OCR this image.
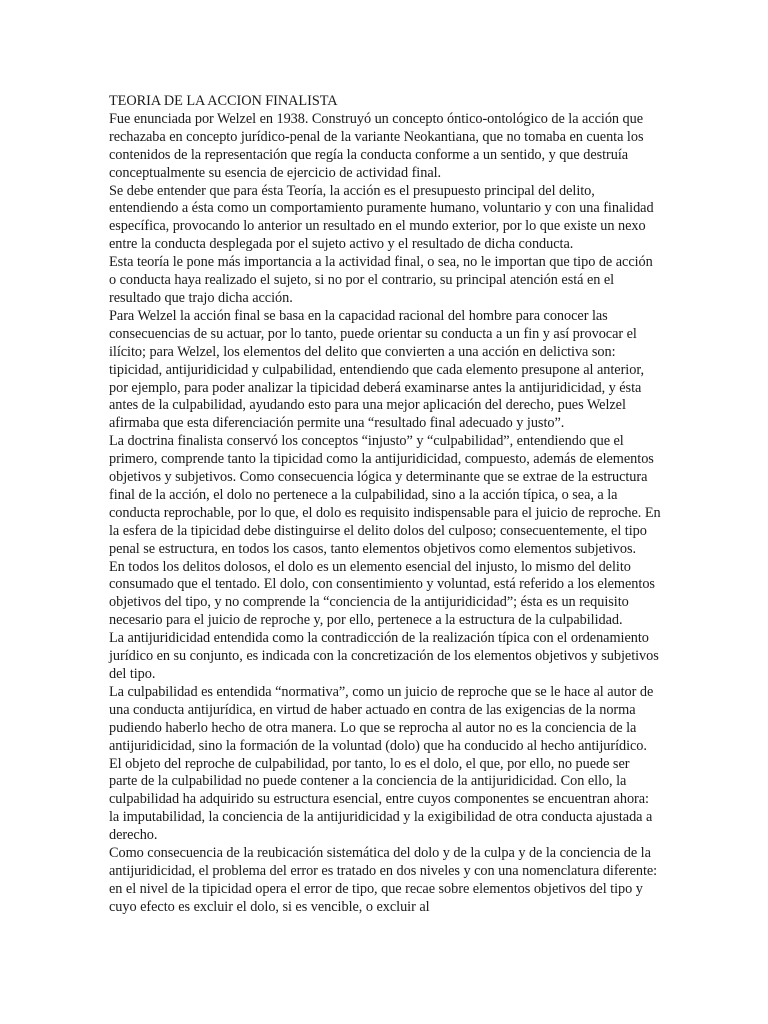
TEORIA DE LA ACCION FINALISTA

Fue enunciada por Welzel en 1938. Construyó un concepto óntico-ontológico de la acción que rechazaba en concepto jurídico-penal de la variante Neokantiana, que no tomaba en cuenta los contenidos de la representación que regía la conducta conforme a un sentido, y que destruía conceptualmente su esencia de ejercicio de actividad final.

Se debe entender que para ésta Teoría, la acción es el presupuesto principal del delito, entendiendo a ésta como un comportamiento puramente humano, voluntario y con una finalidad específica, provocando lo anterior un resultado en el mundo exterior, por lo que existe un nexo entre la conducta desplegada por el sujeto activo y el resultado de dicha conducta.

Esta teoría le pone más importancia a la actividad final, o sea, no le importan que tipo de acción o conducta haya realizado el sujeto, si no por el contrario, su principal atención está en el resultado que trajo dicha acción.

Para Welzel la acción final se basa en la capacidad racional del hombre para conocer las consecuencias de su actuar, por lo tanto, puede orientar su conducta a un fin y así provocar el ilícito; para Welzel, los elementos del delito que convierten a una acción en delictiva son: tipicidad, antijuridicidad y culpabilidad, entendiendo que cada elemento presupone al anterior, por ejemplo, para poder analizar la tipicidad deberá examinarse antes la antijuridicidad, y ésta antes de la culpabilidad, ayudando esto para una mejor aplicación del derecho, pues Welzel afirmaba que esta diferenciación permite una “resultado final adecuado y justo”.

La doctrina finalista conservó los conceptos “injusto” y “culpabilidad”, entendiendo que el primero, comprende tanto la tipicidad como la antijuridicidad, compuesto, además de elementos objetivos y subjetivos. Como consecuencia lógica y determinante que se extrae de la estructura final de la acción, el dolo no pertenece a la culpabilidad, sino a la acción típica, o sea, a la conducta reprochable, por lo que, el dolo es requisito indispensable para el juicio de reproche. En la esfera de la tipicidad debe distinguirse el delito dolos del culposo; consecuentemente, el tipo penal se estructura, en todos los casos, tanto elementos objetivos como elementos subjetivos.

En todos los delitos dolosos, el dolo es un elemento esencial del injusto, lo mismo del delito consumado que el tentado. El dolo, con consentimiento y voluntad, está referido a los elementos objetivos del tipo, y no comprende la “conciencia de la antijuridicidad”; ésta es un requisito necesario para el juicio de reproche y, por ello, pertenece a la estructura de la culpabilidad.

La antijuridicidad entendida como la contradicción de la realización típica con el ordenamiento jurídico en su conjunto, es indicada con la concretización de los elementos objetivos y subjetivos del tipo.

La culpabilidad es entendida “normativa”, como un juicio de reproche que se le hace al autor de una conducta antijurídica, en virtud de haber actuado en contra de las exigencias de la norma pudiendo haberlo hecho de otra manera. Lo que se reprocha al autor no es la conciencia de la antijuridicidad, sino la formación de la voluntad (dolo) que ha conducido al hecho antijurídico. El objeto del reproche de culpabilidad, por tanto, lo es el dolo, el que, por ello, no puede ser parte de la culpabilidad no puede contener a la conciencia de la antijuridicidad. Con ello, la culpabilidad ha adquirido su estructura esencial, entre cuyos componentes se encuentran ahora: la imputabilidad, la conciencia de la antijuridicidad y la exigibilidad de otra conducta ajustada a derecho.

Como consecuencia de la reubicación sistemática del dolo y de la culpa y de la conciencia de la antijuridicidad, el problema del error es tratado en dos niveles y con una nomenclatura diferente: en el nivel de la tipicidad opera el error de tipo, que recae sobre elementos objetivos del tipo y cuyo efecto es excluir el dolo, si es vencible, o excluir al
